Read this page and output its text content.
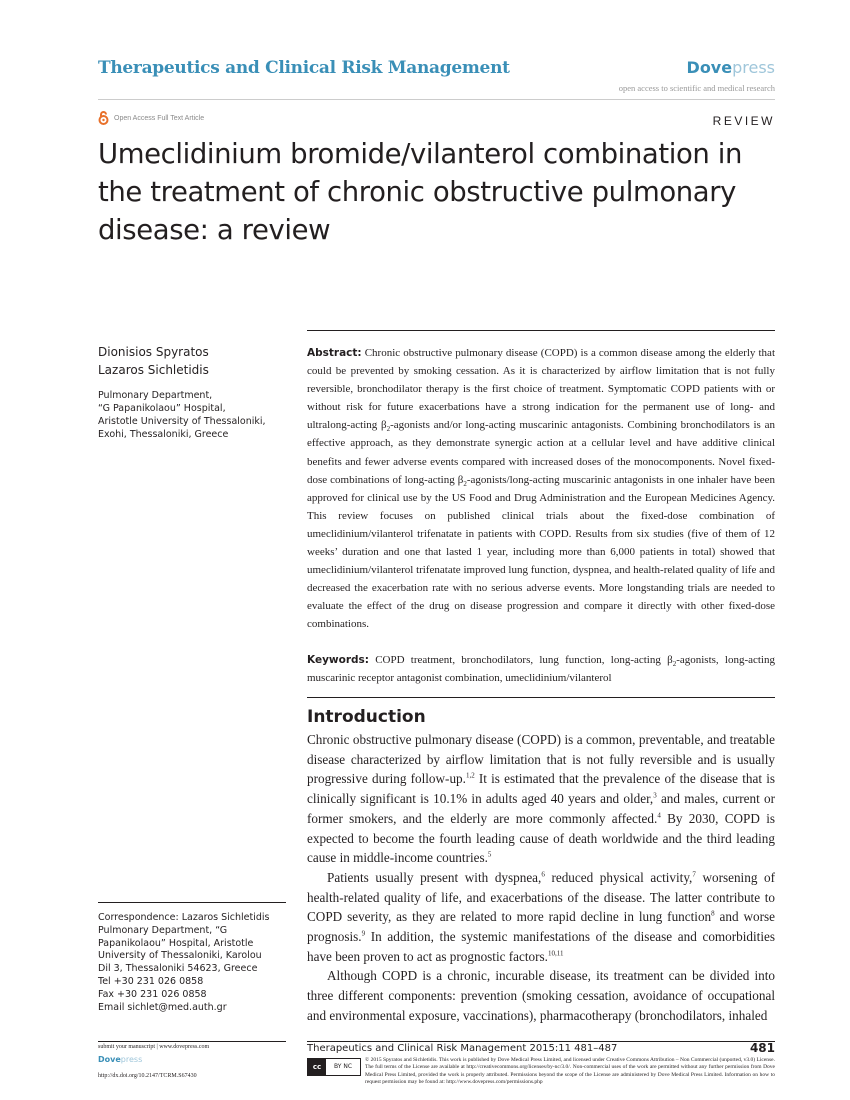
Therapeutics and Clinical Risk Management	Dovepress
open access to scientific and medical research
Open Access Full Text Article	REVIEW
Umeclidinium bromide/vilanterol combination in the treatment of chronic obstructive pulmonary disease: a review
Dionisios Spyratos
Lazaros Sichletidis
Pulmonary Department,
“G Papanikolaou” Hospital,
Aristotle University of Thessaloniki,
Exohi, Thessaloniki, Greece
Abstract: Chronic obstructive pulmonary disease (COPD) is a common disease among the elderly that could be prevented by smoking cessation. As it is characterized by airflow limitation that is not fully reversible, bronchodilator therapy is the first choice of treatment. Symptomatic COPD patients with or without risk for future exacerbations have a strong indication for the permanent use of long- and ultralong-acting $\beta_2$-agonists and/or long-acting muscarinic antagonists. Combining bronchodilators is an effective approach, as they demonstrate synergic action at a cellular level and have additive clinical benefits and fewer adverse events compared with increased doses of the monocomponents. Novel fixed-dose combinations of long-acting $\beta_2-agonists/long$-acting muscarinic antagonists in one inhaler have been approved for clinical use by the US Food and Drug Administration and the European Medicines Agency. This review focuses on published clinical trials about the fixed-dose combination of umeclidinium/vilanterol trifenatate in patients with COPD. Results from six studies (five of them of 12 weeks’ duration and one that lasted 1 year, including more than 6,000 patients in total) showed that umeclidinium/vilanterol trifenatate improved lung function, dyspnea, and health-related quality of life and decreased the exacerbation rate with no serious adverse events. More longstanding trials are needed to evaluate the effect of the drug on disease progression and compare it directly with other fixed-dose combinations.
Keywords: COPD treatment, bronchodilators, lung function, long-acting $\beta_2$-agonists, long-acting muscarinic receptor antagonist combination, umeclidinium/vilanterol
Introduction

Chronic obstructive pulmonary disease (COPD) is a common, preventable, and treatable disease characterized by airflow limitation that is not fully reversible and is usually progressive during follow-up.$^{1,2}$ It is estimated that the prevalence of the disease that is clinically significant is 10.1% in adults aged 40 years and older,$^3$ and males, current or former smokers, and the elderly are more commonly affected.$^4$ By 2030, COPD is expected to become the fourth leading cause of death worldwide and the third leading cause in middle-income countries.$^5$

Patients usually present with dyspnea,$^6$ reduced physical activity,$^7$ worsening of health-related quality of life, and exacerbations of the disease. The latter contribute to COPD severity, as they are related to more rapid decline in lung function$^8$ and worse prognosis.$^9$ In addition, the systemic manifestations of the disease and comorbidities have been proven to act as prognostic factors.$^{10,11}$

Although COPD is a chronic, incurable disease, its treatment can be divided into three different components: prevention (smoking cessation, avoidance of occupational and environmental exposure, vaccinations), pharmacotherapy (bronchodilators, inhaled

Correspondence: Lazaros Sichletidis
Pulmonary Department, “G
Papanikolaou” Hospital, Aristotle
University of Thessaloniki, Karolou
Dil 3, Thessaloniki 54623, Greece
Tel +30 231 026 0858
Fax +30 231 026 0858
Email sichlet@med.auth.gr
submit your manuscript | www.dovepress.com
Dovepress
http://dx.doi.org/10.2147/TCRM.S67430
Therapeutics and Clinical Risk Management 2015:11 481–487	481
cc	BY NC
© 2015 Spyratos and Sichletidis. This work is published by Dove Medical Press Limited, and licensed under Creative Commons Attribution – Non Commercial (unported, v3.0) License. The full terms of the License are available at http://creativecommons.org/licenses/by-nc/3.0/. Non-commercial uses of the work are permitted without any further permission from Dove Medical Press Limited, provided the work is properly attributed. Permissions beyond the scope of the License are administered by Dove Medical Press Limited. Information on how to request permission may be found at: http://www.dovepress.com/permissions.php
